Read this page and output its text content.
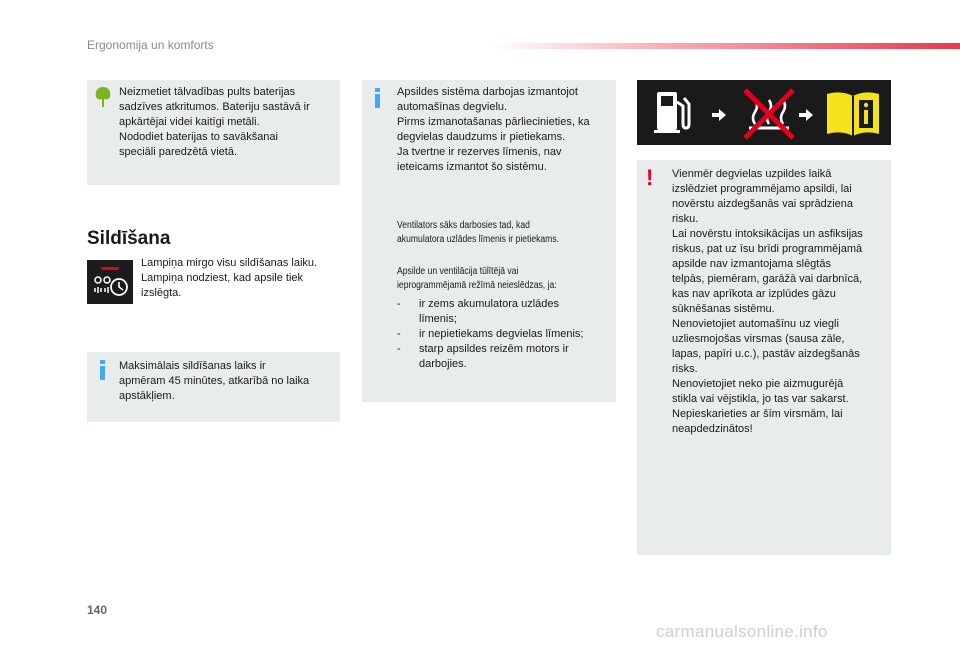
Ergonomija un komforts

Neizmetiet tālvadības pults baterijas
sadzīves atkritumos. Bateriju sastāvā ir
apkārtējai videi kaitīgi metāli.
Nododiet baterijas to savākšanai
speciāli paredzētā vietā.

Sildīšana
Lampiņa mirgo visu sildīšanas laiku.
Lampiņa nodziest, kad apsile tiek
izslēgta.

Maksimālais sildīšanas laiks ir
apmēram 45 minūtes, atkarībā no laika
apstākļiem.

Apsildes sistēma darbojas izmantojot
automašīnas degvielu.
Pirms izmanotašanas pārliecinieties, ka
degvielas daudzums ir pietiekams.
Ja tvertne ir rezerves līmenis, nav
ieteicams izmantot šo sistēmu.

Ventilators sāks darbosies tad, kad
akumulatora uzlādes līmenis ir pietiekams.
Apsilde un ventilācija tūlītējā vai
ieprogrammējamā režīmā neieslēdzas, ja:
- ir zems akumulatora uzlādes
līmenis;
- ir nepietiekams degvielas līmenis;
- starp apsildes reizēm motors ir
darbojies.
! Vienmēr degvielas uzpildes laikā
izslēdziet programmējamo apsildi, lai
novērstu aizdegšanās vai sprādziena
risku.
Lai novērstu intoksikācijas un asfiksijas
riskus, pat uz īsu brīdi programmējamā
apsilde nav izmantojama slēgtās
telpās, piemēram, garāžā vai darbnīcā,
kas nav aprīkota ar izplūdes gāzu
sūknēšanas sistēmu.
Nenovietojiet automašīnu uz viegli
uzliesmojošas virsmas (sausa zāle,
lapas, papīri u.c.), pastāv aizdegšanās
risks.
Nenovietojiet neko pie aizmugurējā
stikla vai vējstikla, jo tas var sakarst.
Nepieskarieties ar šīm virsmām, lai
neapdedzinātos!

140
carmanualsonline.info
